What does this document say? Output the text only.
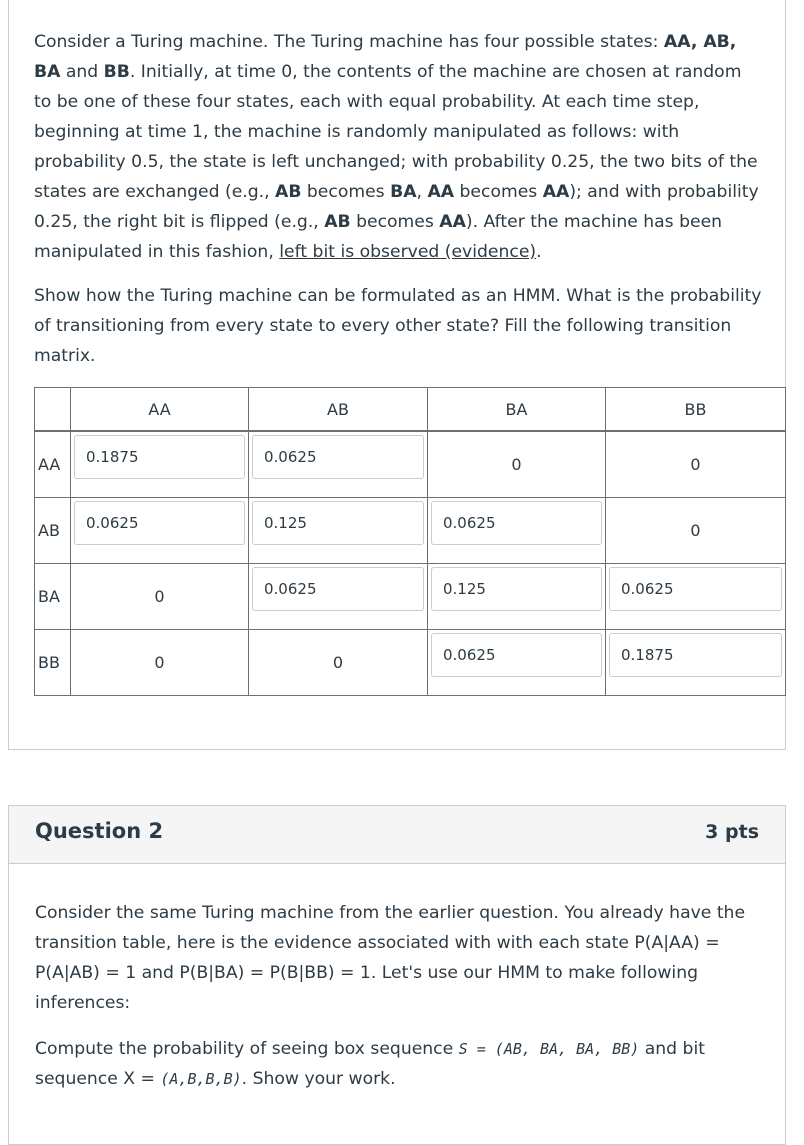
Consider a Turing machine. The Turing machine has four possible states: AA, AB, BA and BB. Initially, at time 0, the contents of the machine are chosen at random to be one of these four states, each with equal probability. At each time step, beginning at time 1, the machine is randomly manipulated as follows: with probability 0.5, the state is left unchanged; with probability 0.25, the two bits of the states are exchanged (e.g., AB becomes BA, AA becomes AA); and with probability 0.25, the right bit is flipped (e.g., AB becomes AA). After the machine has been manipulated in this fashion, left bit is observed (evidence).
Show how the Turing machine can be formulated as an HMM. What is the probability of transitioning from every state to every other state? Fill the following transition matrix.
	AA	AB	BA	BB
AA	0.1875	0.0625	0	0
AB	0.0625	0.125	0.0625	0
BA	0	0.0625	0.125	0.0625

BB	0	0	0.0625	0.1875
Question 2	3 pts
Consider the same Turing machine from the earlier question. You already have the transition table, here is the evidence associated with with each state P(A|AA) = P(A|AB) = 1 and P(B|BA) = P(B|BB) = 1. Let's use our HMM to make following inferences:
Compute the probability of seeing box sequence S = (AB, BA, BA, BB) and bit sequence X = (A,B,B,B). Show your work.
